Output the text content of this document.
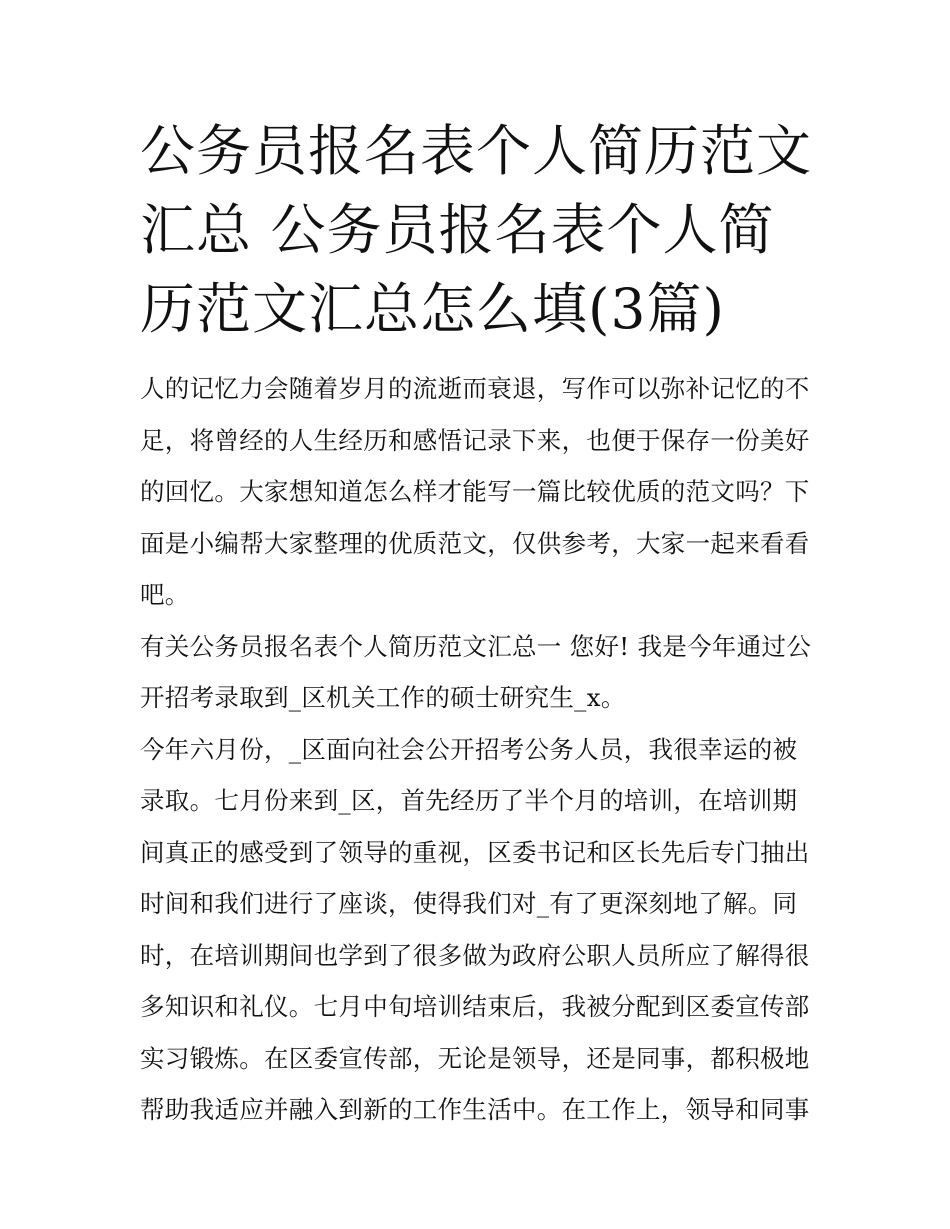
公务员报名表个人简历范文汇总 公务员报名表个人简历范文汇总怎么填(3篇)

人的记忆力会随着岁月的流逝而衰退，写作可以弥补记忆的不足，将曾经的人生经历和感悟记录下来，也便于保存一份美好的回忆。大家想知道怎么样才能写一篇比较优质的范文吗？下面是小编帮大家整理的优质范文，仅供参考，大家一起来看看吧。

有关公务员报名表个人简历范文汇总一 您好! 我是今年通过公开招考录取到_区机关工作的硕士研究生_x。

今年六月份，_区面向社会公开招考公务人员，我很幸运的被录取。七月份来到_区，首先经历了半个月的培训，在培训期间真正的感受到了领导的重视，区委书记和区长先后专门抽出时间和我们进行了座谈，使得我们对_有了更深刻地了解。同时，在培训期间也学到了很多做为政府公职人员所应了解得很多知识和礼仪。七月中旬培训结束后，我被分配到区委宣传部实习锻炼。在区委宣传部，无论是领导，还是同事，都积极地帮助我适应并融入到新的工作生活中。在工作上，领导和同事
